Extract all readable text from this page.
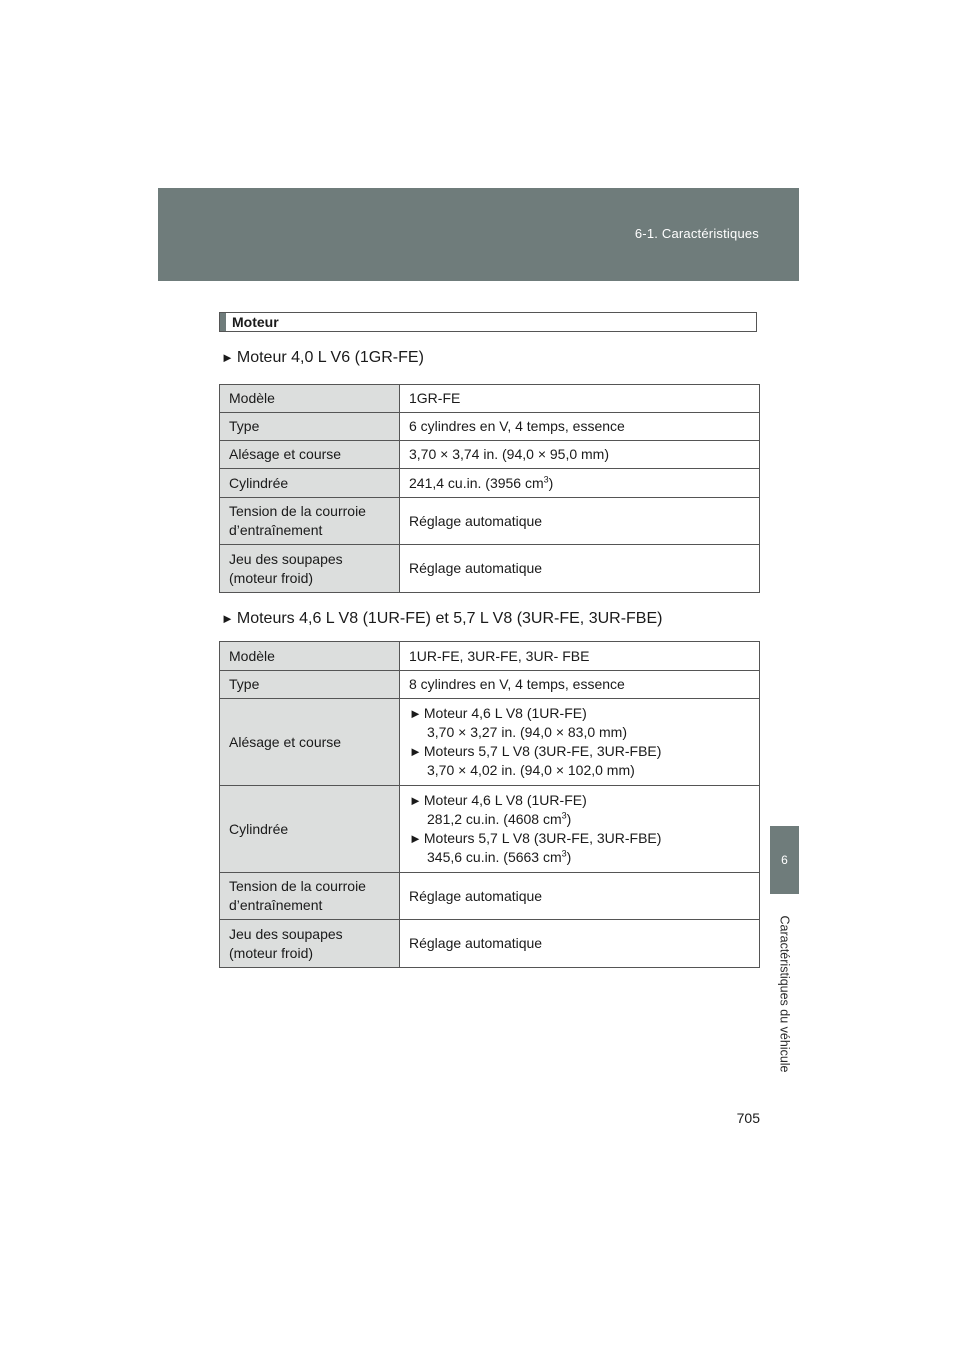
6-1. Caractéristiques
6
Caractéristiques du véhicule
Moteur
► Moteur 4,0 L V6 (1GR-FE)
Modèle	1GR-FE
Type	6 cylindres en V, 4 temps, essence
Alésage et course	3,70 × 3,74 in. (94,0 × 95,0 mm)
Cylindrée	241,4 cu.in. (3956 $cm^3$)

Tension de la courroie
d’entraînement	Réglage automatique

Jeu des soupapes
(moteur froid)	Réglage automatique
► Moteurs 4,6 L V8 (1UR-FE) et 5,7 L V8 (3UR-FE, 3UR-FBE)
Modèle	1UR-FE, 3UR-FE, 3UR- FBE
Type	8 cylindres en V, 4 temps, essence
Alésage et course	► Moteur 4,6 L V8 (1UR-FE)
3,70 × 3,27 in. (94,0 × 83,0 mm)
► Moteurs 5,7 L V8 (3UR-FE, 3UR-FBE)
3,70 × 4,02 in. (94,0 × 102,0 mm)

Cylindrée	► Moteur 4,6 L V8 (1UR-FE)
281,2 cu.in. (4608 $cm^3$)
► Moteurs 5,7 L V8 (3UR-FE, 3UR-FBE)
345,6 cu.in. (5663 $cm^3$)

Tension de la courroie
d’entraînement	Réglage automatique

Jeu des soupapes
(moteur froid)	Réglage automatique
705
